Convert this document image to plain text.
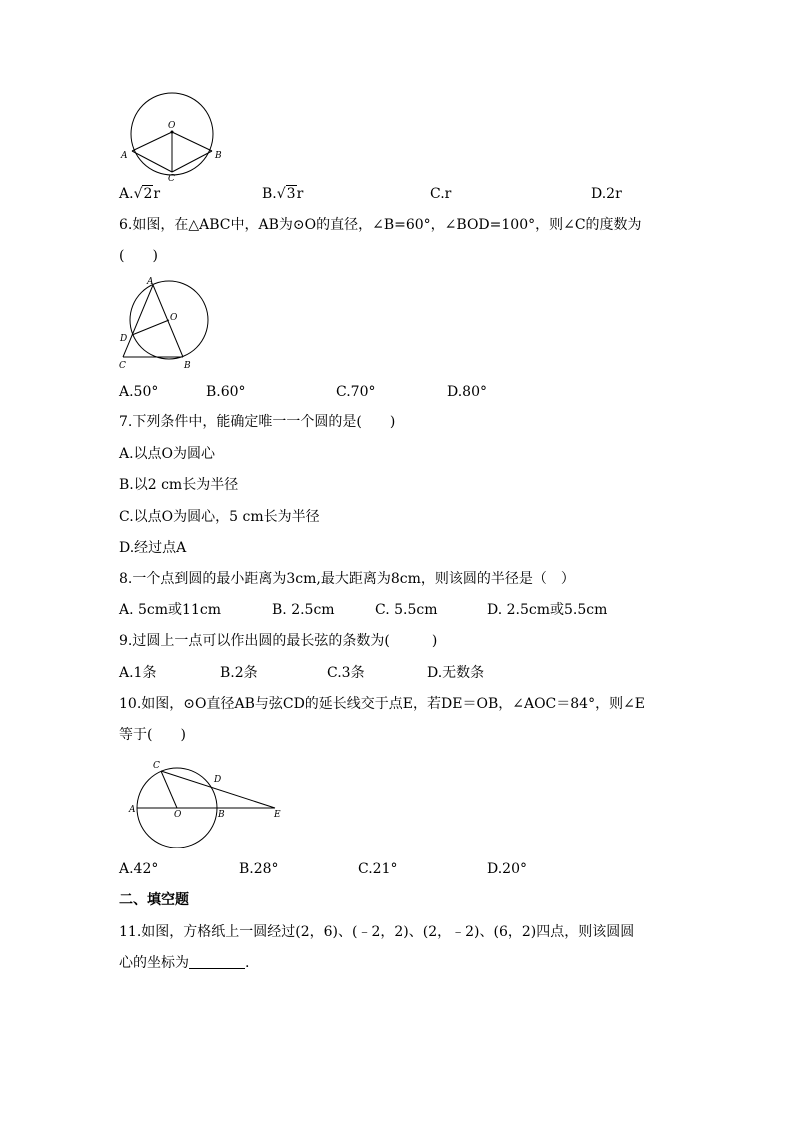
O
A	B
C
A.√2r	B.√3r	C.r	D.2r
6.如图，在△ABC中，AB为⊙O的直径，∠B=60°，∠BOD=100°，则∠C的度数为
(　　)
A
O
D
C	B
A.50°	B.60°	C.70°	D.80°
7.下列条件中，能确定唯一一个圆的是(　　)
A.以点O为圆心
B.以2 cm长为半径
C.以点O为圆心，5 cm长为半径
D.经过点A
8.一个点到圆的最小距离为3cm,最大距离为8cm，则该圆的半径是（　）
A. 5cm或11cm	B. 2.5cm	C. 5.5cm	D. 2.5cm或5.5cm
9.过圆上一点可以作出圆的最长弦的条数为(　　　)
A.1条	B.2条	C.3条	D.无数条
10.如图，⊙O直径AB与弦CD的延长线交于点E，若DE＝OB，∠AOC＝84°，则∠E
等于(　　)
C
D
A	O	B	E
A.42°	B.28°	C.21°	D.20°
二、填空题
11.如图，方格纸上一圆经过(2，6)、(﹣2，2)、(2，﹣2)、(6，2)四点，则该圆圆
心的坐标为	.
